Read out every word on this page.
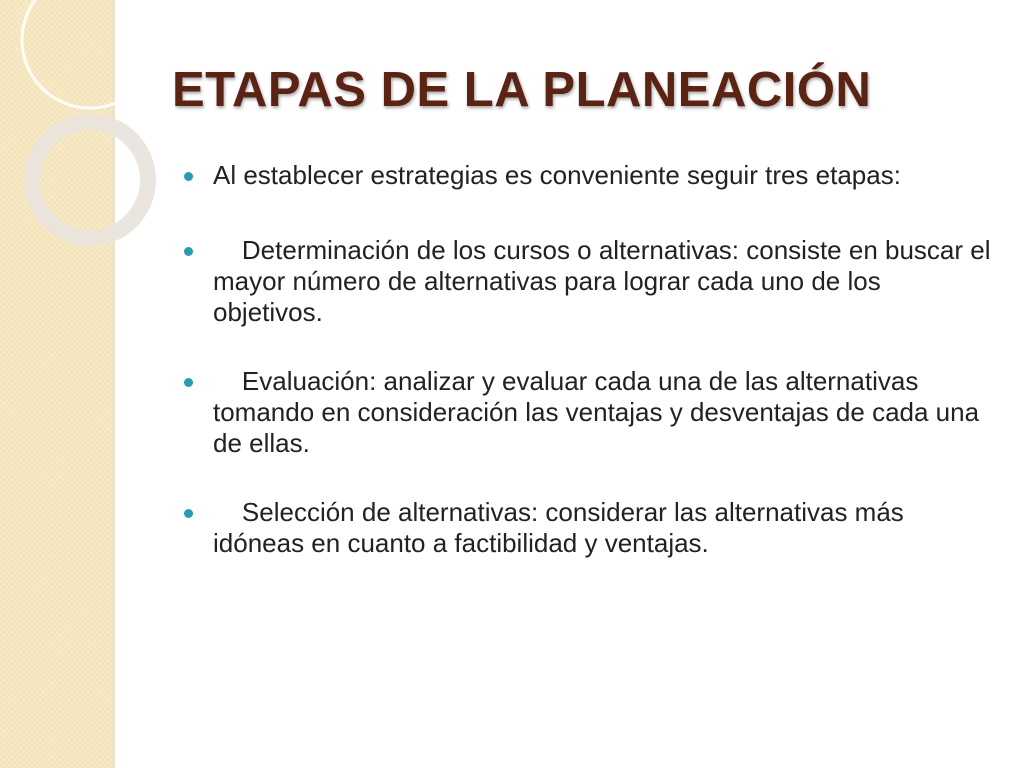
ETAPAS DE LA PLANEACIÓN
Al establecer estrategias es conveniente seguir tres etapas:
Determinación de los cursos o alternativas: consiste en buscar el mayor número de alternativas para lograr cada uno de los objetivos.
Evaluación: analizar y evaluar cada una de las alternativas tomando en consideración las ventajas y desventajas de cada una de ellas.
Selección de alternativas: considerar las alternativas más idóneas en cuanto a factibilidad y ventajas.
